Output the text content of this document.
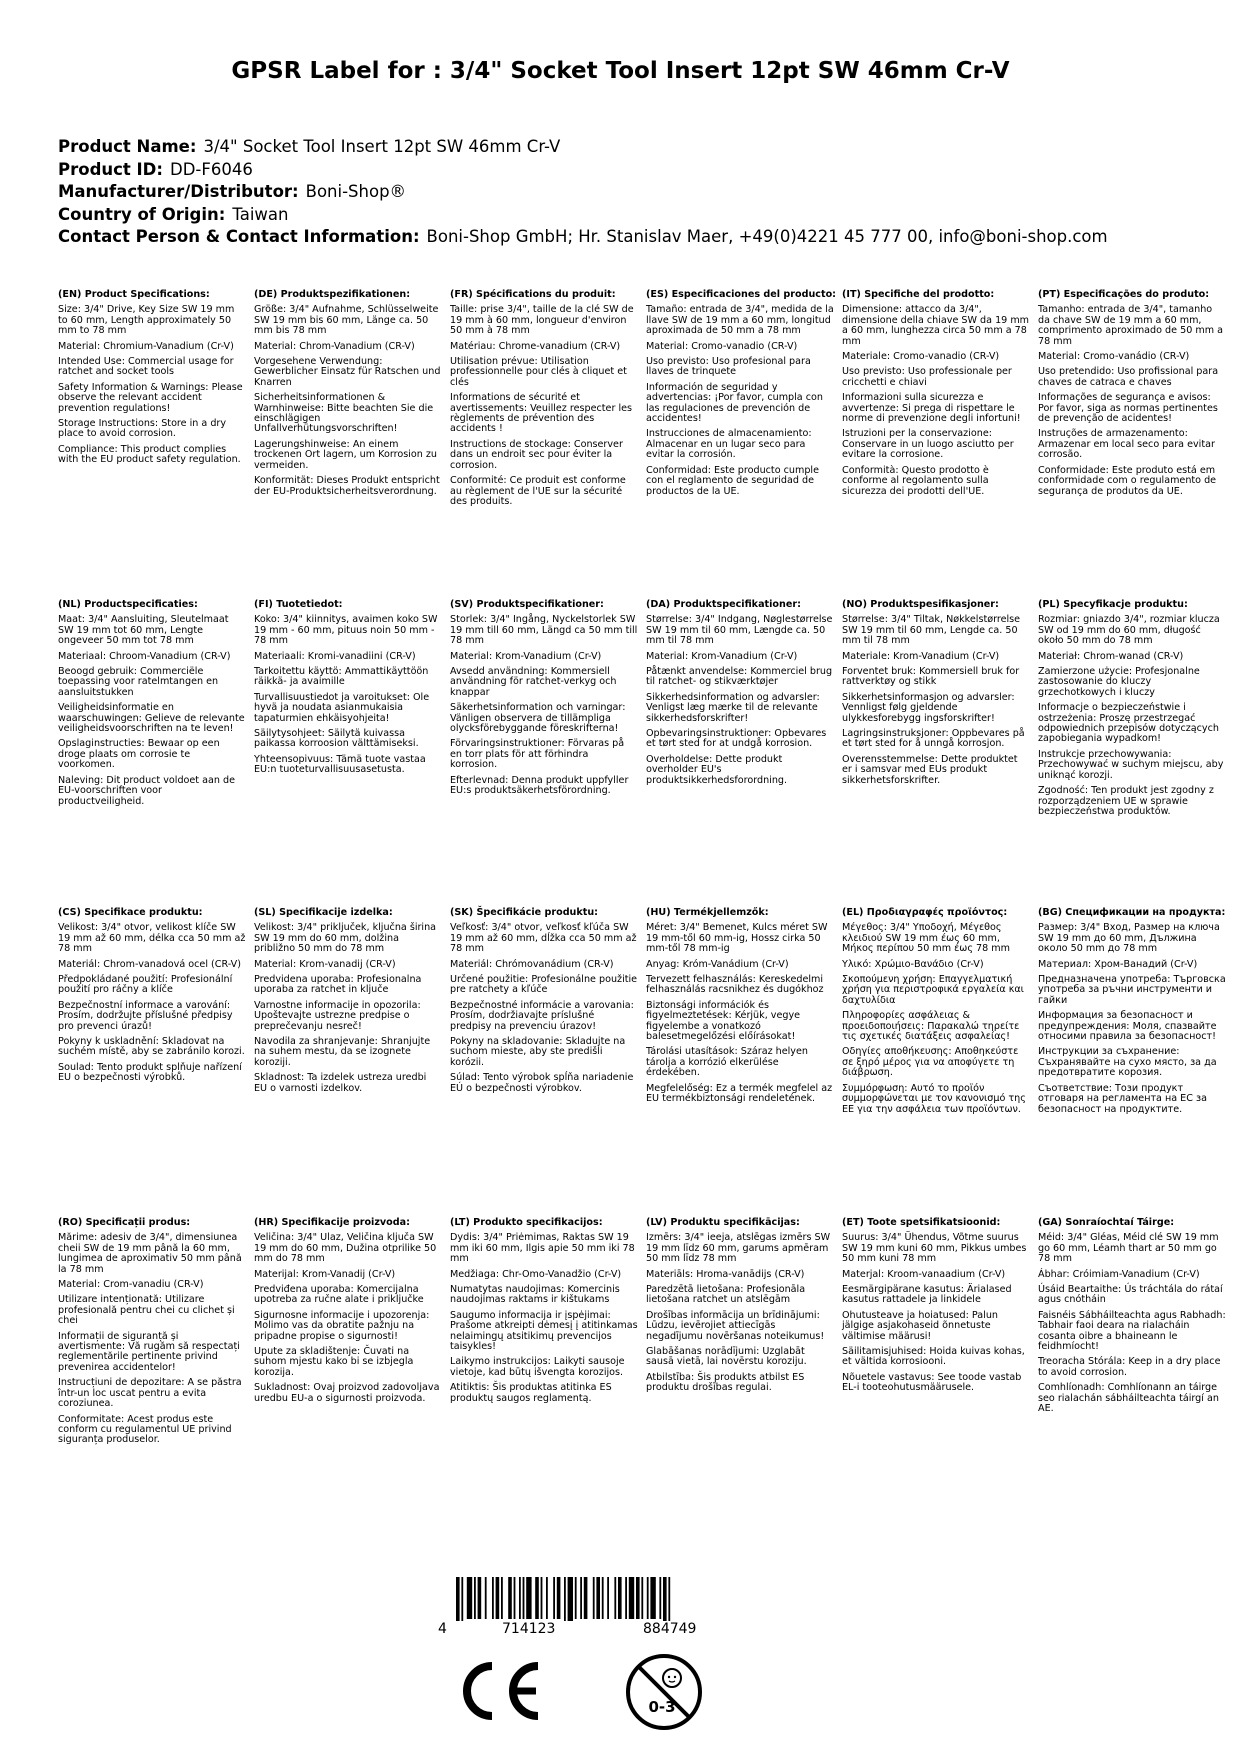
GPSR Label for : 3/4" Socket Tool Insert 12pt SW 46mm Cr-V
Product Name: 3/4" Socket Tool Insert 12pt SW 46mm Cr-V
Product ID: DD-F6046
Manufacturer/Distributor: Boni-Shop®
Country of Origin: Taiwan
Contact Person & Contact Information: Boni-Shop GmbH; Hr. Stanislav Maer, +49(0)4221 45 777 00, info@boni-shop.com
(EN) Product Specifications:
Size: 3/4" Drive, Key Size SW 19 mm to 60 mm, Length approximately 50 mm to 78 mm
Material: Chromium-Vanadium (Cr-V)
Intended Use: Commercial usage for ratchet and socket tools
Safety Information & Warnings: Please observe the relevant accident prevention regulations!
Storage Instructions: Store in a dry place to avoid corrosion.
Compliance: This product complies with the EU product safety regulation.
(DE) Produktspezifikationen:
Größe: 3/4" Aufnahme, Schlüsselweite SW 19 mm bis 60 mm, Länge ca. 50 mm bis 78 mm
Material: Chrom-Vanadium (CR-V)
Vorgesehene Verwendung: Gewerblicher Einsatz für Ratschen und Knarren
Sicherheitsinformationen & Warnhinweise: Bitte beachten Sie die einschlägigen Unfallverhütungsvorschriften!
Lagerungshinweise: An einem trockenen Ort lagern, um Korrosion zu vermeiden.
Konformität: Dieses Produkt entspricht der EU-Produktsicherheitsverordnung.
(FR) Spécifications du produit:
Taille: prise 3/4", taille de la clé SW de 19 mm à 60 mm, longueur d'environ 50 mm à 78 mm
Matériau: Chrome-vanadium (CR-V)
Utilisation prévue: Utilisation professionnelle pour clés à cliquet et clés
Informations de sécurité et avertissements: Veuillez respecter les règlements de prévention des accidents !
Instructions de stockage: Conserver dans un endroit sec pour éviter la corrosion.
Conformité: Ce produit est conforme au règlement de l'UE sur la sécurité des produits.
(ES) Especificaciones del producto:
Tamaño: entrada de 3/4", medida de la llave SW de 19 mm a 60 mm, longitud aproximada de 50 mm a 78 mm
Material: Cromo-vanadio (CR-V)
Uso previsto: Uso profesional para llaves de trinquete
Información de seguridad y advertencias: ¡Por favor, cumpla con las regulaciones de prevención de accidentes!
Instrucciones de almacenamiento: Almacenar en un lugar seco para evitar la corrosión.
Conformidad: Este producto cumple con el reglamento de seguridad de productos de la UE.
(IT) Specifiche del prodotto:
Dimensione: attacco da 3/4", dimensione della chiave SW da 19 mm a 60 mm, lunghezza circa 50 mm a 78 mm
Materiale: Cromo-vanadio (CR-V)
Uso previsto: Uso professionale per cricchetti e chiavi
Informazioni sulla sicurezza e avvertenze: Si prega di rispettare le norme di prevenzione degli infortuni!
Istruzioni per la conservazione: Conservare in un luogo asciutto per evitare la corrosione.
Conformità: Questo prodotto è conforme al regolamento sulla sicurezza dei prodotti dell'UE.
(PT) Especificações do produto:
Tamanho: entrada de 3/4", tamanho da chave SW de 19 mm a 60 mm, comprimento aproximado de 50 mm a 78 mm
Material: Cromo-vanádio (CR-V)
Uso pretendido: Uso profissional para chaves de catraca e chaves
Informações de segurança e avisos: Por favor, siga as normas pertinentes de prevenção de acidentes!
Instruções de armazenamento: Armazenar em local seco para evitar corrosão.
Conformidade: Este produto está em conformidade com o regulamento de segurança de produtos da UE.
(NL) Productspecificaties:
Maat: 3/4" Aansluiting, Sleutelmaat SW 19 mm tot 60 mm, Lengte ongeveer 50 mm tot 78 mm
Materiaal: Chroom-Vanadium (CR-V)
Beoogd gebruik: Commerciële toepassing voor ratelmtangen en aansluitstukken
Veiligheidsinformatie en waarschuwingen: Gelieve de relevante veiligheidsvoorschriften na te leven!
Opslaginstructies: Bewaar op een droge plaats om corrosie te voorkomen.
Naleving: Dit product voldoet aan de EU-voorschriften voor productveiligheid.
(FI) Tuotetiedot:
Koko: 3/4" kiinnitys, avaimen koko SW 19 mm - 60 mm, pituus noin 50 mm - 78 mm
Materiaali: Kromi-vanadiini (CR-V)
Tarkoitettu käyttö: Ammattikäyttöön räikkä- ja avaimille
Turvallisuustiedot ja varoitukset: Ole hyvä ja noudata asianmukaisia tapaturmien ehkäisyohjeita!
Säilytysohjeet: Säilytä kuivassa paikassa korroosion välttämiseksi.
Yhteensopivuus: Tämä tuote vastaa EU:n tuoteturvallisuusasetusta.
(SV) Produktspecifikationer:
Storlek: 3/4" Ingång, Nyckelstorlek SW 19 mm till 60 mm, Längd ca 50 mm till 78 mm
Material: Krom-Vanadium (Cr-V)
Avsedd användning: Kommersiell användning för ratchet-verkyg och knappar
Säkerhetsinformation och varningar: Vänligen observera de tillämpliga olycksförebyggande föreskrifterna!
Förvaringsinstruktioner: Förvaras på en torr plats för att förhindra korrosion.
Efterlevnad: Denna produkt uppfyller EU:s produktsäkerhetsförordning.
(DA) Produktspecifikationer:
Størrelse: 3/4" Indgang, Nøglestørrelse SW 19 mm til 60 mm, Længde ca. 50 mm til 78 mm
Material: Krom-Vanadium (Cr-V)
Påtænkt anvendelse: Kommerciel brug til ratchet- og stikværktøjer
Sikkerhedsinformation og advarsler: Venligst læg mærke til de relevante sikkerhedsforskrifter!
Opbevaringsinstruktioner: Opbevares et tørt sted for at undgå korrosion.
Overholdelse: Dette produkt overholder EU's produktsikkerhedsforordning.
(NO) Produktspesifikasjoner:
Størrelse: 3/4" Tiltak, Nøkkelstørrelse SW 19 mm til 60 mm, Lengde ca. 50 mm til 78 mm
Materiale: Krom-Vanadium (Cr-V)
Forventet bruk: Kommersiell bruk for rattverktøy og stikk
Sikkerhetsinformasjon og advarsler: Vennligst følg gjeldende ulykkesforebygg ingsforskrifter!
Lagringsinstruksjoner: Oppbevares på et tørt sted for å unngå korrosjon.
Overensstemmelse: Dette produktet er i samsvar med EUs produkt sikkerhetsforskrifter.
(PL) Specyfikacje produktu:
Rozmiar: gniazdo 3/4", rozmiar klucza SW od 19 mm do 60 mm, długość około 50 mm do 78 mm
Materiał: Chrom-wanad (CR-V)
Zamierzone użycie: Profesjonalne zastosowanie do kluczy grzechotkowych i kluczy
Informacje o bezpieczeństwie i ostrzeżenia: Proszę przestrzegać odpowiednich przepisów dotyczących zapobiegania wypadkom!
Instrukcje przechowywania: Przechowywać w suchym miejscu, aby uniknąć korozji.
Zgodność: Ten produkt jest zgodny z rozporządzeniem UE w sprawie bezpieczeństwa produktów.
(CS) Specifikace produktu:
Velikost: 3/4" otvor, velikost klíče SW 19 mm až 60 mm, délka cca 50 mm až 78 mm
Materiál: Chrom-vanadová ocel (CR-V)
Předpokládané použití: Profesionální použití pro ráčny a klíče
Bezpečnostní informace a varování: Prosím, dodržujte příslušné předpisy pro prevenci úrazů!
Pokyny k uskladnění: Skladovat na suchém místě, aby se zabránilo korozi.
Soulad: Tento produkt splňuje nařízení EU o bezpečnosti výrobků.
(SL) Specifikacije izdelka:
Velikost: 3/4" priključek, ključna širina SW 19 mm do 60 mm, dolžina približno 50 mm do 78 mm
Material: Krom-vanadij (CR-V)
Predvidena uporaba: Profesionalna uporaba za ratchet in ključe
Varnostne informacije in opozorila: Upoštevajte ustrezne predpise o preprečevanju nesreč!
Navodila za shranjevanje: Shranjujte na suhem mestu, da se izognete koroziji.
Skladnost: Ta izdelek ustreza uredbi EU o varnosti izdelkov.
(SK) Špecifikácie produktu:
Veľkosť: 3/4" otvor, veľkosť kľúča SW 19 mm až 60 mm, dĺžka cca 50 mm až 78 mm
Materiál: Chrómovanádium (CR-V)
Určené použitie: Profesionálne použitie pre ratchety a kľúče
Bezpečnostné informácie a varovania: Prosím, dodržiavajte príslušné predpisy na prevenciu úrazov!
Pokyny na skladovanie: Skladujte na suchom mieste, aby ste predišli korózii.
Súlad: Tento výrobok spĺňa nariadenie EÚ o bezpečnosti výrobkov.
(HU) Termékjellemzők:
Méret: 3/4" Bemenet, Kulcs méret SW 19 mm-től 60 mm-ig, Hossz cirka 50 mm-től 78 mm-ig
Anyag: Króm-Vanádium (Cr-V)
Tervezett felhasználás: Kereskedelmi felhasználás racsnikhez és dugókhoz
Biztonsági információk és figyelmeztetések: Kérjük, vegye figyelembe a vonatkozó balesetmegelőzési előírásokat!
Tárolási utasítások: Száraz helyen tárolja a korrózió elkerülése érdekében.
Megfelelőség: Ez a termék megfelel az EU termékbiztonsági rendeletének.
(EL) Προδιαγραφές προϊόντος:
Μέγεθος: 3/4" Υποδοχή, Μέγεθος κλειδιού SW 19 mm έως 60 mm, Μήκος περίπου 50 mm έως 78 mm
Υλικό: Χρώμιο-Βανάδιο (Cr-V)
Σκοπούμενη χρήση: Επαγγελματική χρήση για περιστροφικά εργαλεία και δαχτυλίδια
Πληροφορίες ασφάλειας & προειδοποιήσεις: Παρακαλώ τηρείτε τις σχετικές διατάξεις ασφαλείας!
Οδηγίες αποθήκευσης: Αποθηκεύστε σε ξηρό μέρος για να αποφύγετε τη διάβρωση.
Συμμόρφωση: Αυτό το προϊόν συμμορφώνεται με τον κανονισμό της ΕΕ για την ασφάλεια των προϊόντων.
(BG) Спецификации на продукта:
Размер: 3/4" Вход, Размер на ключа SW 19 mm до 60 mm, Дължина около 50 mm до 78 mm
Материал: Хром-Ванадий (Cr-V)
Предназначена употреба: Търговска употреба за ръчни инструменти и гайки
Информация за безопасност и предупреждения: Моля, спазвайте относими правила за безопасност!
Инструкции за съхранение: Съхранявайте на сухо място, за да предотвратите корозия.
Съответствие: Този продукт отговаря на регламента на ЕС за безопасност на продуктите.
(RO) Specificații produs:
Mărime: adesiv de 3/4", dimensiunea cheii SW de 19 mm până la 60 mm, lungimea de aproximativ 50 mm până la 78 mm
Material: Crom-vanadiu (CR-V)
Utilizare intenționată: Utilizare profesională pentru chei cu clichet și chei
Informații de siguranță și avertismente: Vă rugăm să respectați reglementările pertinente privind prevenirea accidentelor!
Instrucțiuni de depozitare: A se păstra într-un loc uscat pentru a evita coroziunea.
Conformitate: Acest produs este conform cu regulamentul UE privind siguranța produselor.
(HR) Specifikacije proizvoda:
Veličina: 3/4" Ulaz, Veličina ključa SW 19 mm do 60 mm, Dužina otprilike 50 mm do 78 mm
Materijal: Krom-Vanadij (Cr-V)
Predviđena uporaba: Komercijalna upotreba za ručne alate i priključke
Sigurnosne informacije i upozorenja: Molimo vas da obratite pažnju na pripadne propise o sigurnosti!
Upute za skladištenje: Čuvati na suhom mjestu kako bi se izbjegla korozija.
Sukladnost: Ovaj proizvod zadovoljava uredbu EU-a o sigurnosti proizvoda.
(LT) Produkto specifikacijos:
Dydis: 3/4" Priėmimas, Raktas SW 19 mm iki 60 mm, Ilgis apie 50 mm iki 78 mm
Medžiaga: Chr-Omo-Vanadžio (Cr-V)
Numatytas naudojimas: Komercinis naudojimas raktams ir kištukams
Saugumo informacija ir įspėjimai: Prašome atkreipti dėmesį į atitinkamas nelaimingų atsitikimų prevencijos taisykles!
Laikymo instrukcijos: Laikyti sausoje vietoje, kad būtų išvengta korozijos.
Atitiktis: Šis produktas atitinka ES produktų saugos reglamentą.
(LV) Produktu specifikācijas:
Izmērs: 3/4" ieeja, atslēgas izmērs SW 19 mm līdz 60 mm, garums apmēram 50 mm līdz 78 mm
Materiāls: Hroma-vanādijs (CR-V)
Paredzētā lietošana: Profesionāla lietošana ratchet un atslēgām
Drošības informācija un brīdinājumi: Lūdzu, ievērojiet attiecīgās negadījumu novēršanas noteikumus!
Glabāšanas norādījumi: Uzglabāt sausā vietā, lai novērstu koroziju.
Atbilstība: Šis produkts atbilst ES produktu drošības regulai.
(ET) Toote spetsifikatsioonid:
Suurus: 3/4" Ühendus, Võtme suurus SW 19 mm kuni 60 mm, Pikkus umbes 50 mm kuni 78 mm
Materjal: Kroom-vanaadium (Cr-V)
Eesmärgipärane kasutus: Ärialased kasutus rattadele ja linkidele
Ohutusteave ja hoiatused: Palun jälgige asjakohaseid õnnetuste vältimise määrusi!
Säilitamisjuhised: Hoida kuivas kohas, et vältida korrosiooni.
Nõuetele vastavus: See toode vastab EL-i tooteohutusmäärusele.
(GA) Sonraíochtaí Táirge:
Méid: 3/4" Gléas, Méid clé SW 19 mm go 60 mm, Léamh thart ar 50 mm go 78 mm
Ábhar: Cróimiam-Vanadium (Cr-V)
Úsáid Beartaithe: Ús tráchtála do rátaí agus cnótháin
Faisnéis Sábháilteachta agus Rabhadh: Tabhair faoi deara na rialacháin cosanta oibre a bhaineann le feidhmíocht!
Treoracha Stórála: Keep in a dry place to avoid corrosion.
Comhlíonadh: Comhlíonann an táirge seo rialachán sábháilteachta táirgí an AE.
4	714123	884749
0-3
